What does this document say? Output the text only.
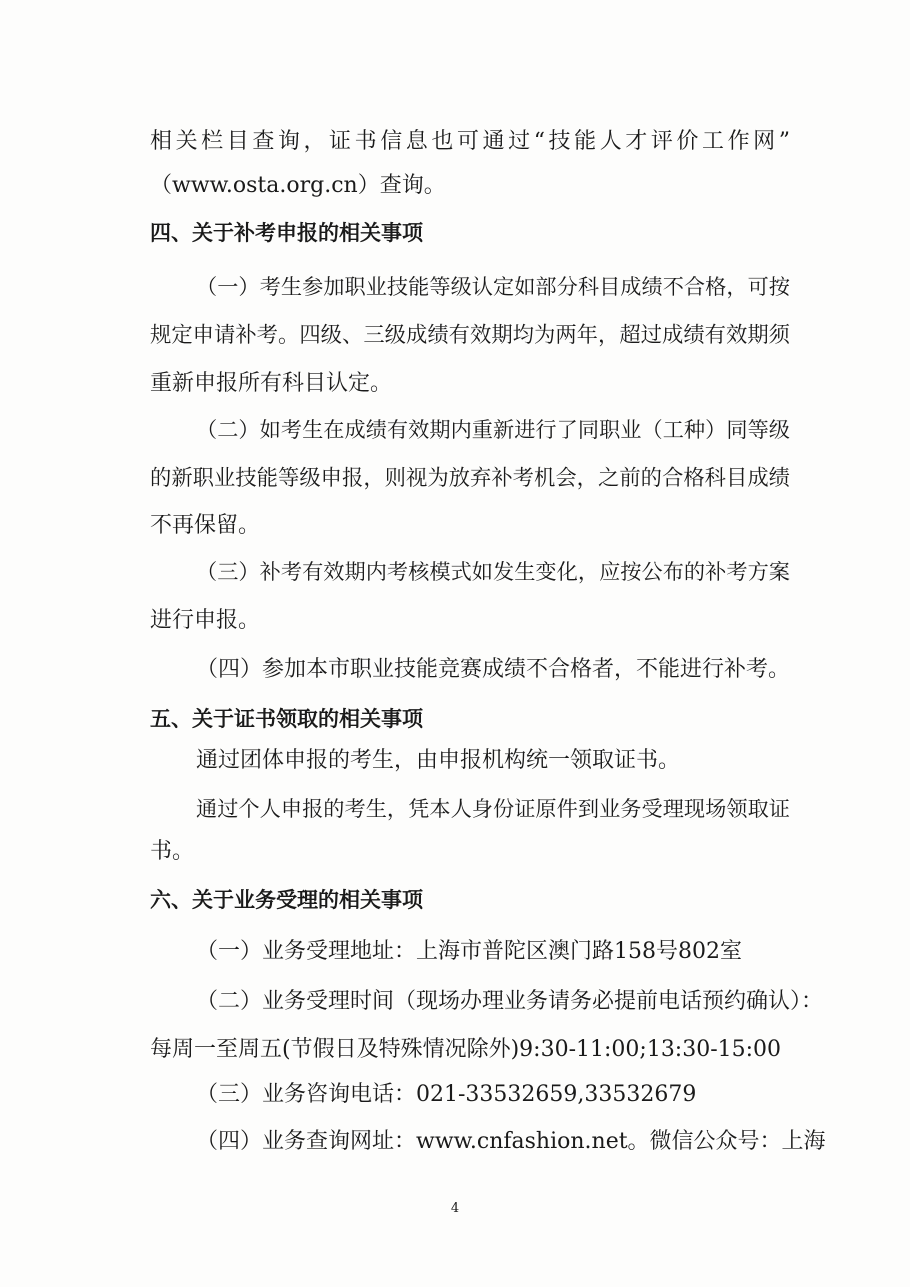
相关栏目查询，证书信息也可通过“技能人才评价工作网”
（www.osta.org.cn）查询。
四、关于补考申报的相关事项
（一）考生参加职业技能等级认定如部分科目成绩不合格，可按
规定申请补考。四级、三级成绩有效期均为两年，超过成绩有效期须
重新申报所有科目认定。
（二）如考生在成绩有效期内重新进行了同职业（工种）同等级
的新职业技能等级申报，则视为放弃补考机会，之前的合格科目成绩
不再保留。
（三）补考有效期内考核模式如发生变化，应按公布的补考方案
进行申报。
（四）参加本市职业技能竞赛成绩不合格者，不能进行补考。
五、关于证书领取的相关事项
通过团体申报的考生，由申报机构统一领取证书。
通过个人申报的考生，凭本人身份证原件到业务受理现场领取证
书。
六、关于业务受理的相关事项
（一）业务受理地址：上海市普陀区澳门路158号802室
（二）业务受理时间（现场办理业务请务必提前电话预约确认）：
每周一至周五(节假日及特殊情况除外)9:30-11:00;13:30-15:00
（三）业务咨询电话：021-33532659,33532679
（四）业务查询网址：www.cnfashion.net。微信公众号：上海
4
